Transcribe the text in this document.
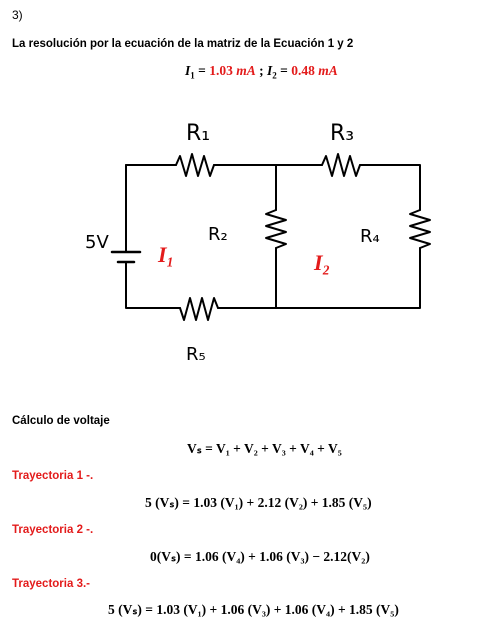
3)
La resolución por la ecuación de la matriz de la Ecuación 1 y 2
$I_1 = 1.03$ mA ; $I_2 = 0.48$ mA
5V
R₁	R₃
R₂	R₄
R₅
I₁	I₂
Cálculo de voltaje
Vₛ = V₁ + V₂ + V₃ + V₄ + V₅
Trayectoria 1 -.
5 (Vₛ) = 1.03 (V₁) + 2.12 (V₂) + 1.85 (V₅)
Trayectoria 2 -.
0(Vₛ) = 1.06 (V₄) + 1.06 (V₃) − 2.12(V₂)
Trayectoria 3.-
5 (Vₛ) = 1.03 (V₁) + 1.06 (V₃) + 1.06 (V₄) + 1.85 (V₅)
